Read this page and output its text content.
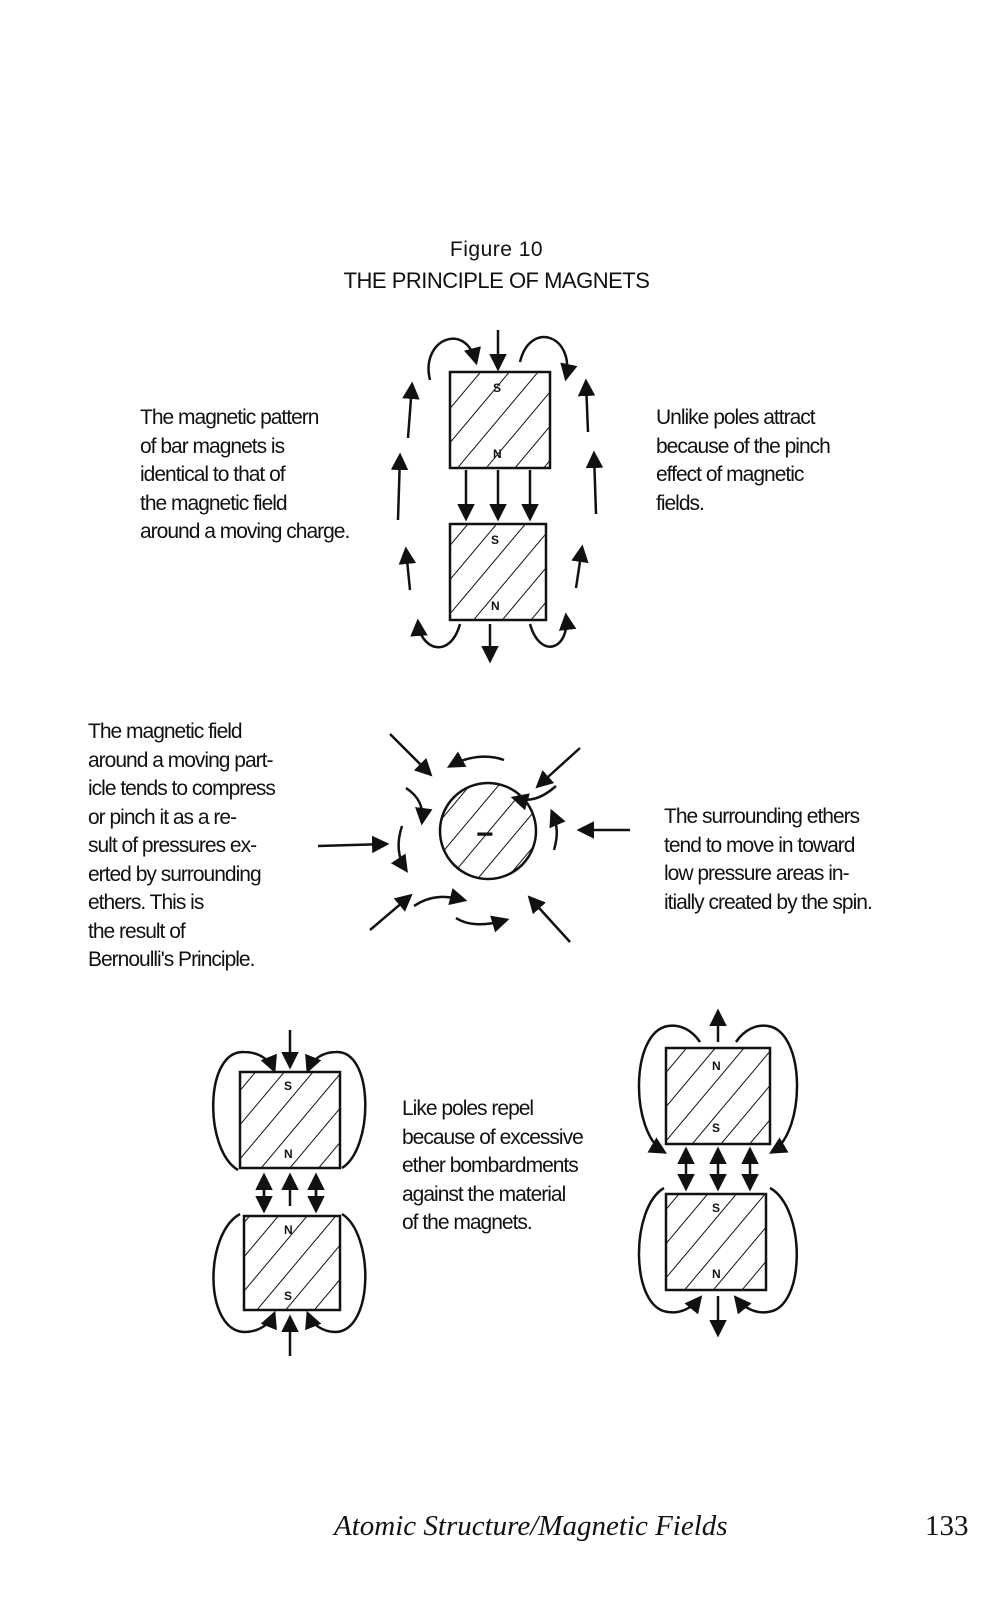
Figure 10
THE PRINCIPLE OF MAGNETS

The magnetic pattern
of bar magnets is
identical to that of
the magnetic field
around a moving charge.

Unlike poles attract
because of the pinch
effect of magnetic
fields.

The magnetic field
around a moving part-
icle tends to compress
or pinch it as a re-
sult of pressures ex-
erted by surrounding
ethers. This is
the result of
Bernoulli's Principle.

The surrounding ethers
tend to move in toward
low pressure areas in-
itially created by the spin.

Like poles repel
because of excessive
ether bombardments
against the material
of the magnets.

S
N
S
N
−
S
N
N
S
N
S
S
N
Atomic Structure/Magnetic Fields	133
